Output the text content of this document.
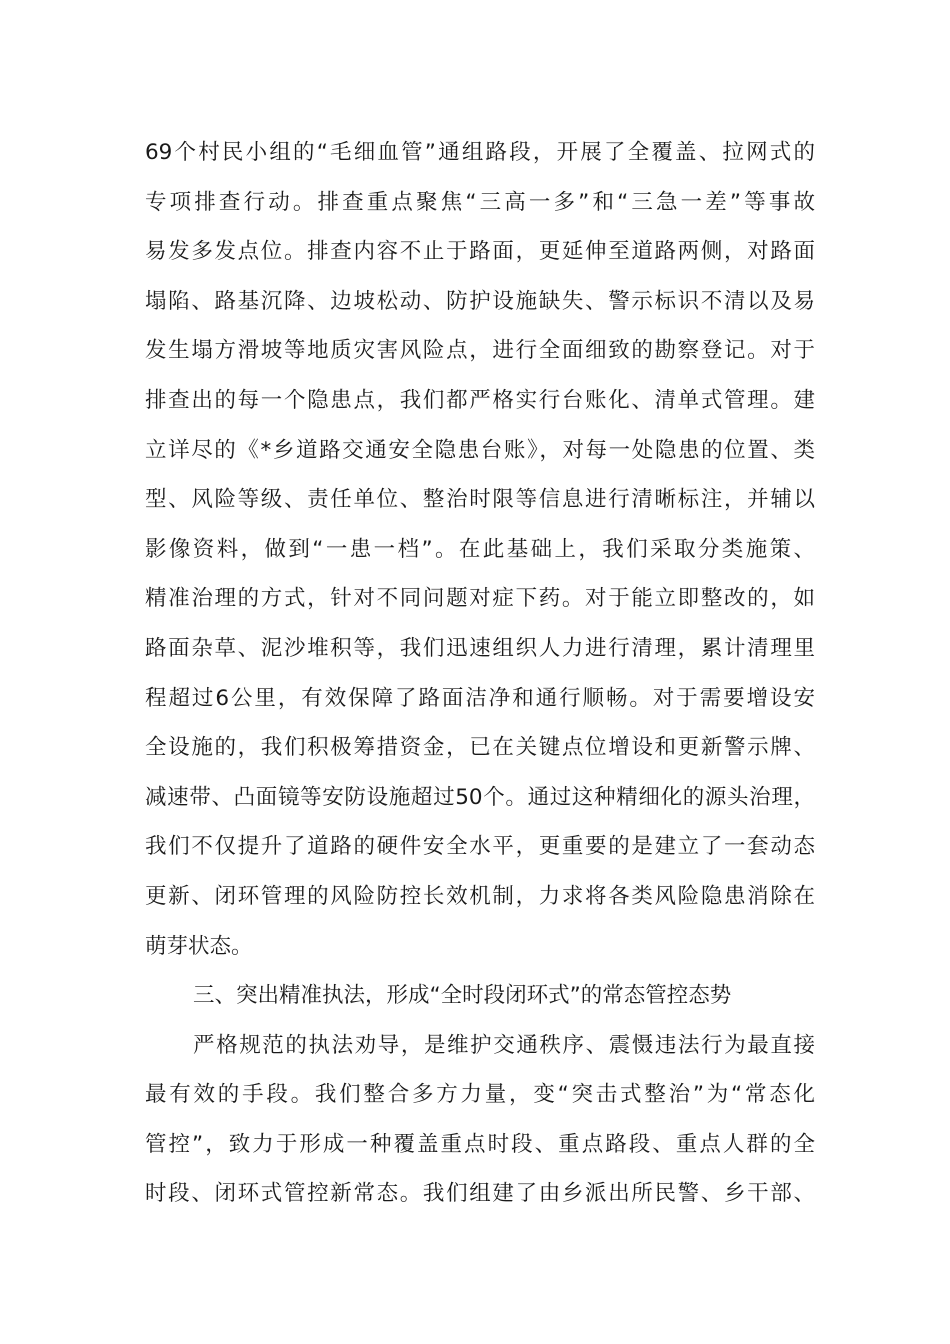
69个村民小组的“毛细血管”通组路段，开展了全覆盖、拉网式的
专项排查行动。排查重点聚焦“三高一多”和“三急一差”等事故
易发多发点位。排查内容不止于路面，更延伸至道路两侧，对路面
塌陷、路基沉降、边坡松动、防护设施缺失、警示标识不清以及易
发生塌方滑坡等地质灾害风险点，进行全面细致的勘察登记。对于
排查出的每一个隐患点，我们都严格实行台账化、清单式管理。建
立详尽的《*乡道路交通安全隐患台账》，对每一处隐患的位置、类
型、风险等级、责任单位、整治时限等信息进行清晰标注，并辅以
影像资料，做到“一患一档”。在此基础上，我们采取分类施策、
精准治理的方式，针对不同问题对症下药。对于能立即整改的，如
路面杂草、泥沙堆积等，我们迅速组织人力进行清理，累计清理里
程超过6公里，有效保障了路面洁净和通行顺畅。对于需要增设安
全设施的，我们积极筹措资金，已在关键点位增设和更新警示牌、
减速带、凸面镜等安防设施超过50个。通过这种精细化的源头治理，
我们不仅提升了道路的硬件安全水平，更重要的是建立了一套动态
更新、闭环管理的风险防控长效机制，力求将各类风险隐患消除在
萌芽状态。
三、突出精准执法，形成“全时段闭环式”的常态管控态势
严格规范的执法劝导，是维护交通秩序、震慑违法行为最直接
最有效的手段。我们整合多方力量，变“突击式整治”为“常态化
管控”，致力于形成一种覆盖重点时段、重点路段、重点人群的全
时段、闭环式管控新常态。我们组建了由乡派出所民警、乡干部、
